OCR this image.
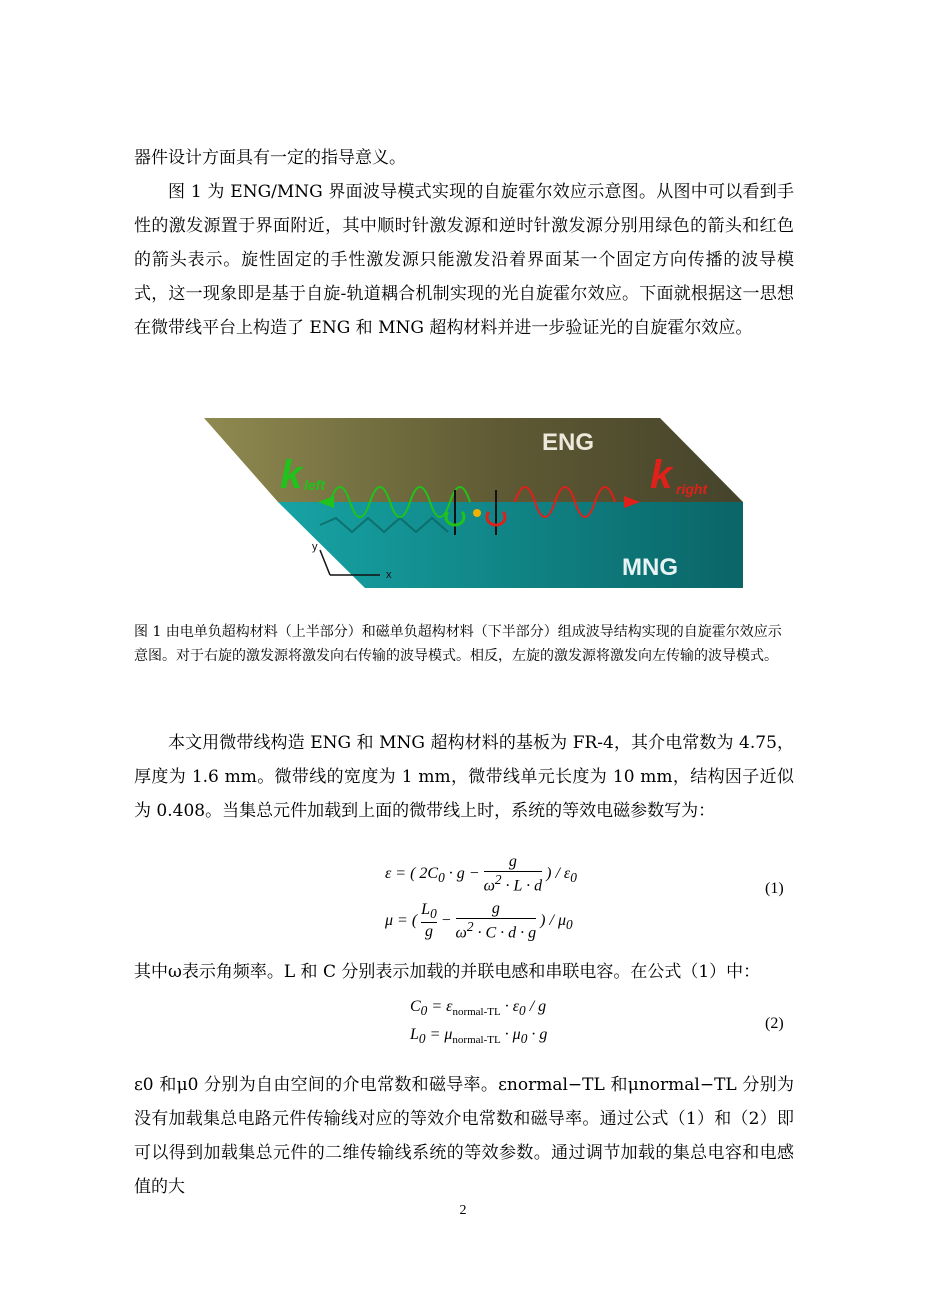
器件设计方面具有一定的指导意义。

图 1 为 ENG/MNG 界面波导模式实现的自旋霍尔效应示意图。从图中可以看到手性的激发源置于界面附近，其中顺时针激发源和逆时针激发源分别用绿色的箭头和红色的箭头表示。旋性固定的手性激发源只能激发沿着界面某一个固定方向传播的波导模式，这一现象即是基于自旋-轨道耦合机制实现的光自旋霍尔效应。下面就根据这一思想在微带线平台上构造了 ENG 和 MNG 超构材料并进一步验证光的自旋霍尔效应。

y
x
ENG
MNG
k left	k right

图 1 由电单负超构材料（上半部分）和磁单负超构材料（下半部分）组成波导结构实现的自旋霍尔效应示意图。对于右旋的激发源将激发向右传输的波导模式。相反，左旋的激发源将激发向左传输的波导模式。

本文用微带线构造 ENG 和 MNG 超构材料的基板为 FR-4，其介电常数为 4.75，厚度为 1.6 mm。微带线的宽度为 1 mm，微带线单元长度为 10 mm，结构因子近似为 0.408。当集总元件加载到上面的微带线上时，系统的等效电磁参数写为：

ε = ( $2C_0 \cdot g - \frac{g}{\omega^2 \cdot L \cdot d}$ ) / $\varepsilon_0$
μ = ( $\frac{L_0}{g} - \frac{g}{\omega^2 \cdot C \cdot d \cdot g}$ ) / $\mu_0$
(1)

其中ω表示角频率。L 和 C 分别表示加载的并联电感和串联电容。在公式（1）中：

$C_0 = \varepsilon_{normal-TL} \cdot \varepsilon_0 / g$
$L_0 = \mu_{normal-TL} \cdot \mu_0 \cdot g$
(2)

ε0 和μ0 分别为自由空间的介电常数和磁导率。εnormal−TL 和μnormal−TL 分别为没有加载集总电路元件传输线对应的等效介电常数和磁导率。通过公式（1）和（2）即可以得到加载集总元件的二维传输线系统的等效参数。通过调节加载的集总电容和电感值的大

2
